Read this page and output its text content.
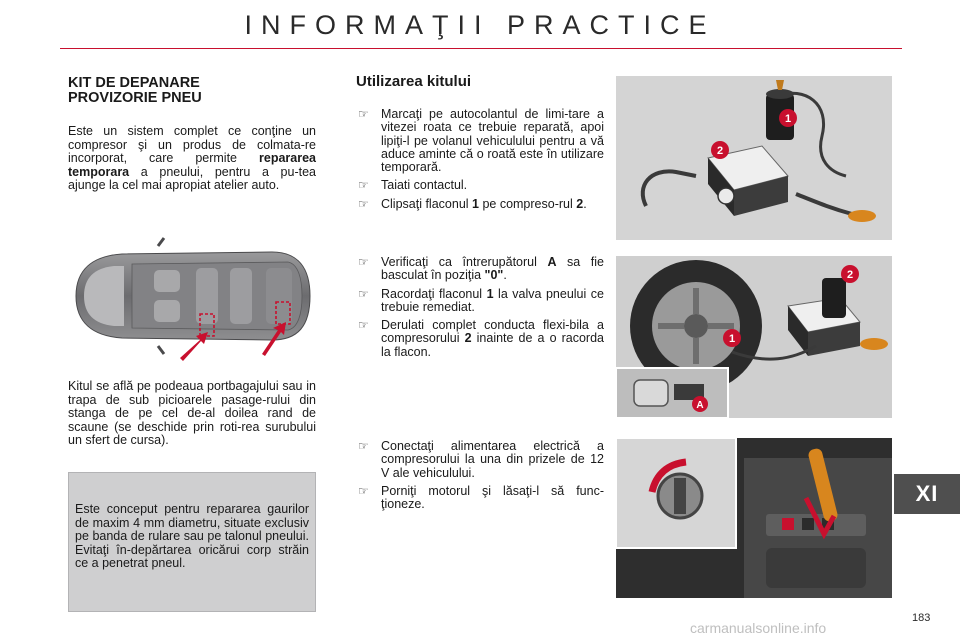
INFORMAŢII PRACTICE
KIT DE DEPANARE
PROVIZORIE PNEU

Este un sistem complet ce conţine un compresor şi un produs de colmata-re incorporat, care permite repararea temporara a pneului, pentru a pu-tea ajunge la cel mai apropiat atelier auto.

Kitul se află pe podeaua portbagajului sau in trapa de sub picioarele pasage-rului din stanga de pe cel de-al doilea rand de scaune (se deschide prin roti-rea surubului un sfert de cursa).

Este conceput pentru repararea gaurilor de maxim 4 mm diametru, situate exclusiv pe banda de rulare sau pe talonul pneului. Evitaţi în-depărtarea oricărui corp străin ce a penetrat pneul.

Utilizarea kitului
☞ Marcaţi pe autocolantul de limi-tare a vitezei roata ce trebuie reparată, apoi lipiţi-l pe volanul vehiculului pentru a vă aduce aminte că o roată este în utilizare temporară.
☞ Taiati contactul.
☞ Clipsaţi flaconul 1 pe compreso-rul 2.
☞ Verificaţi ca întrerupătorul A sa fie basculat în poziţia "0".
☞ Racordaţi flaconul 1 la valva pneului ce trebuie remediat.
☞ Derulati complet conducta flexi-bila a compresorului 2 inainte de a o racorda la flacon.
☞ Conectaţi alimentarea electrică a compresorului la una din prizele de 12 V ale vehiculului.
☞ Porniţi motorul şi lăsaţi-l să func-ţioneze.
1
2
2
1
A
XI
183
carmanualsonline.info
